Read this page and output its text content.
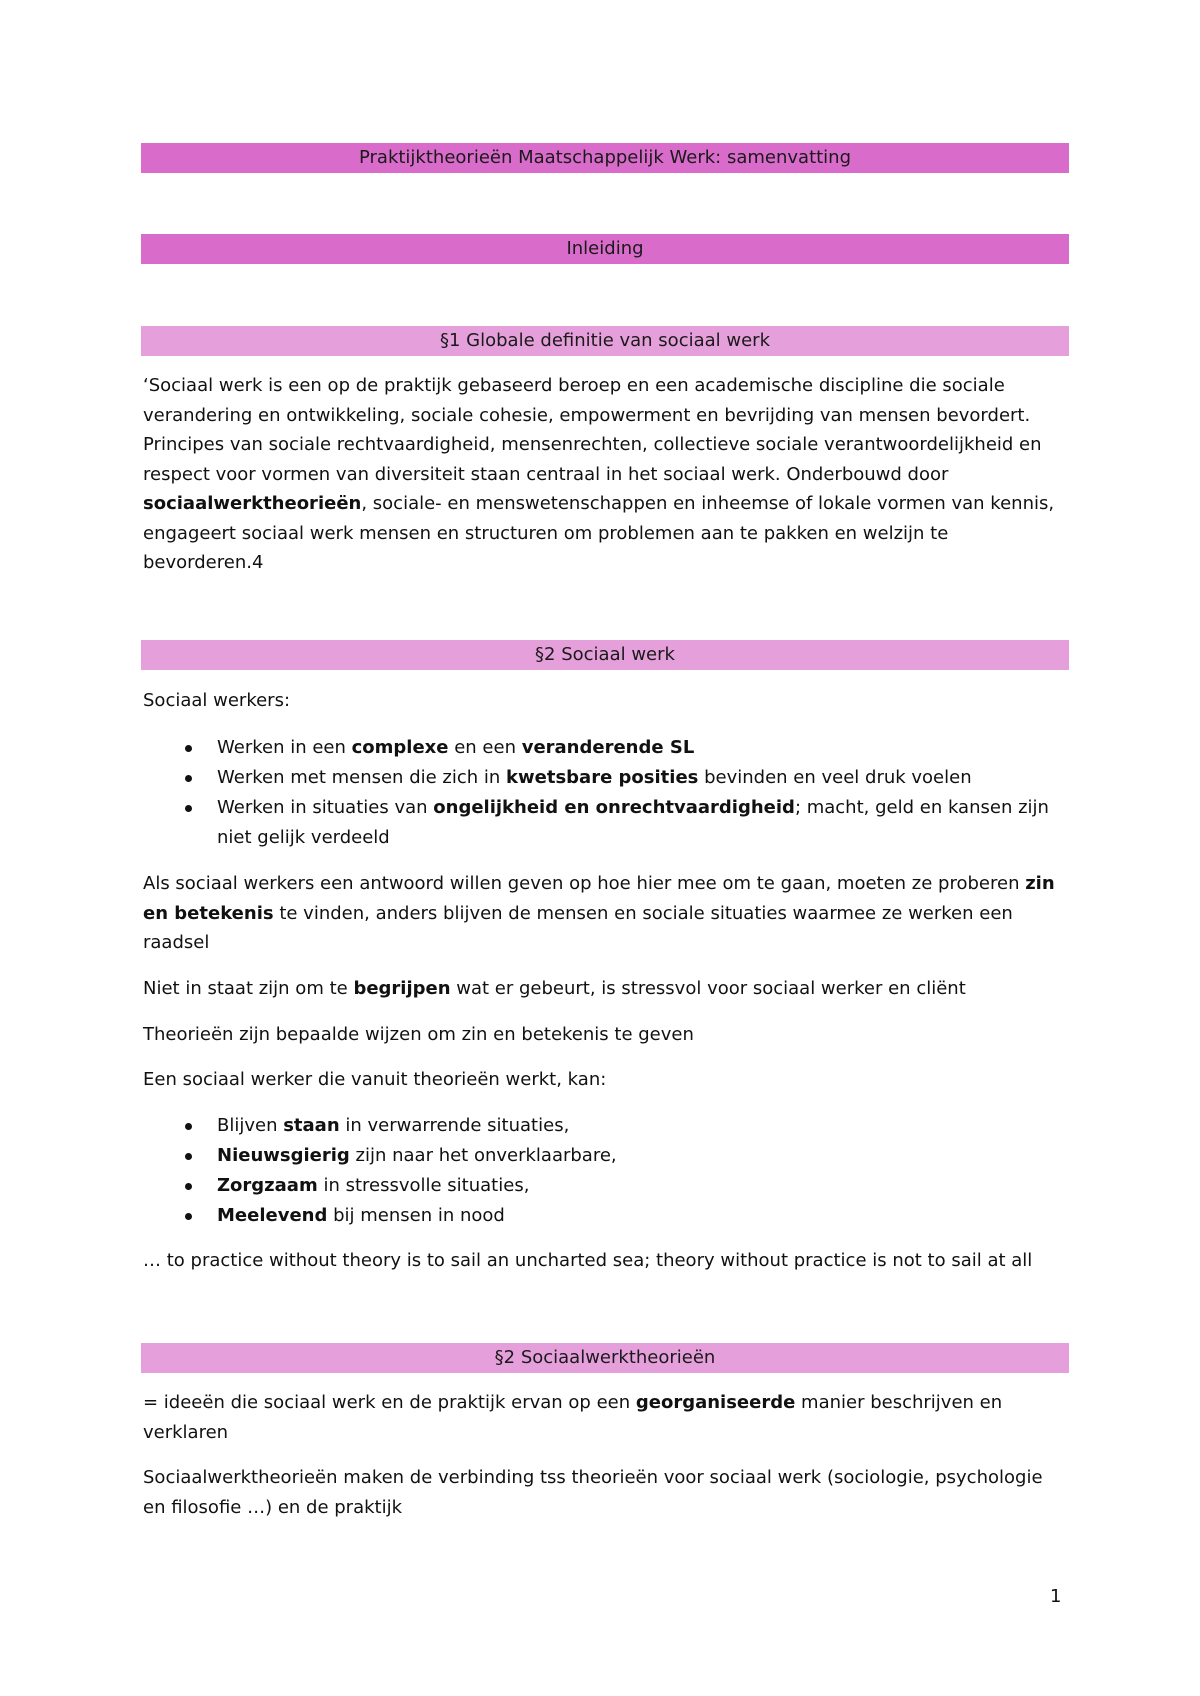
Praktijktheorieën Maatschappelijk Werk: samenvatting
Inleiding
§1 Globale definitie van sociaal werk
‘Sociaal werk is een op de praktijk gebaseerd beroep en een academische discipline die sociale verandering en ontwikkeling, sociale cohesie, empowerment en bevrijding van mensen bevordert. Principes van sociale rechtvaardigheid, mensenrechten, collectieve sociale verantwoordelijkheid en respect voor vormen van diversiteit staan centraal in het sociaal werk. Onderbouwd door sociaalwerktheorieën, sociale- en menswetenschappen en inheemse of lokale vormen van kennis, engageert sociaal werk mensen en structuren om problemen aan te pakken en welzijn te bevorderen.4
§2 Sociaal werk
Sociaal werkers:
Werken in een complexe en een veranderende SL
Werken met mensen die zich in kwetsbare posities bevinden en veel druk voelen
Werken in situaties van ongelijkheid en onrechtvaardigheid; macht, geld en kansen zijn niet gelijk verdeeld
Als sociaal werkers een antwoord willen geven op hoe hier mee om te gaan, moeten ze proberen zin en betekenis te vinden, anders blijven de mensen en sociale situaties waarmee ze werken een raadsel
Niet in staat zijn om te begrijpen wat er gebeurt, is stressvol voor sociaal werker en cliënt
Theorieën zijn bepaalde wijzen om zin en betekenis te geven
Een sociaal werker die vanuit theorieën werkt, kan:
Blijven staan in verwarrende situaties,
Nieuwsgierig zijn naar het onverklaarbare,
Zorgzaam in stressvolle situaties,
Meelevend bij mensen in nood
… to practice without theory is to sail an uncharted sea; theory without practice is not to sail at all
§2 Sociaalwerktheorieën
= ideeën die sociaal werk en de praktijk ervan op een georganiseerde manier beschrijven en verklaren
Sociaalwerktheorieën maken de verbinding tss theorieën voor sociaal werk (sociologie, psychologie en filosofie …) en de praktijk
1
